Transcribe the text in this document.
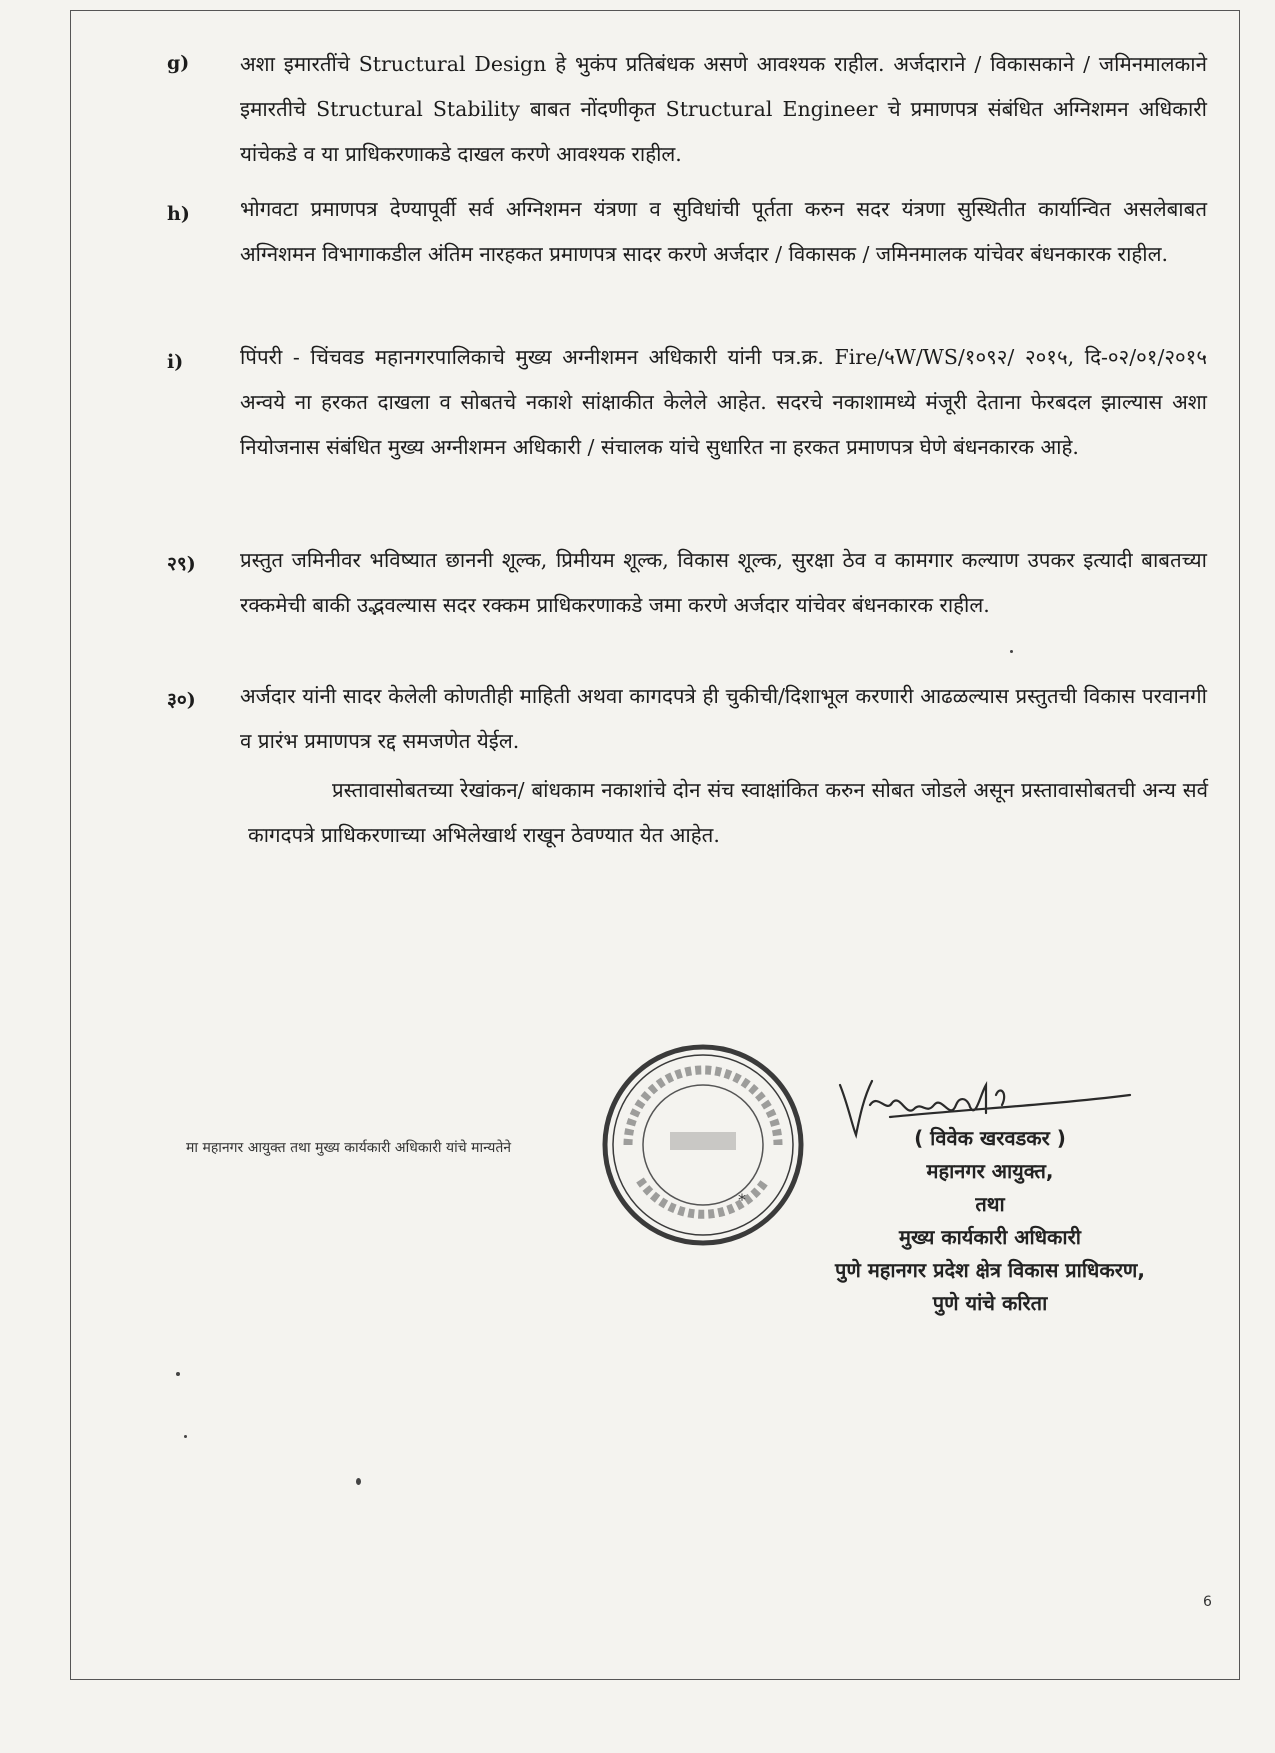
g)	अशा इमारतींचे Structural Design हे भुकंप प्रतिबंधक असणे आवश्यक राहील. अर्जदाराने / विकासकाने / जमिनमालकाने इमारतीचे Structural Stability बाबत नोंदणीकृत Structural Engineer चे प्रमाणपत्र संबंधित अग्निशमन अधिकारी यांचेकडे व या प्राधिकरणाकडे दाखल करणे आवश्यक राहील.
h)	भोगवटा प्रमाणपत्र देण्यापूर्वी सर्व अग्निशमन यंत्रणा व सुविधांची पूर्तता करुन सदर यंत्रणा सुस्थितीत कार्यान्वित असलेबाबत अग्निशमन विभागाकडील अंतिम नारहकत प्रमाणपत्र सादर करणे अर्जदार / विकासक / जमिनमालक यांचेवर बंधनकारक राहील.
i)	पिंपरी - चिंचवड महानगरपालिकाचे मुख्य अग्नीशमन अधिकारी यांनी पत्र.क्र. Fire/५W/WS/१०९२/ २०१५, दि-०२/०१/२०१५ अन्वये ना हरकत दाखला व सोबतचे नकाशे सांक्षाकीत केलेले आहेत. सदरचे नकाशामध्ये मंजूरी देताना फेरबदल झाल्यास अशा नियोजनास संबंधित मुख्य अग्नीशमन अधिकारी / संचालक यांचे सुधारित ना हरकत प्रमाणपत्र घेणे बंधनकारक आहे.
२९)	प्रस्तुत जमिनीवर भविष्यात छाननी शूल्क, प्रिमीयम शूल्क, विकास शूल्क, सुरक्षा ठेव व कामगार कल्याण उपकर इत्यादी बाबतच्या रक्कमेची बाकी उद्भवल्यास सदर रक्कम प्राधिकरणाकडे जमा करणे अर्जदार यांचेवर बंधनकारक राहील.
३०)	अर्जदार यांनी सादर केलेली कोणतीही माहिती अथवा कागदपत्रे ही चुकीची/दिशाभूल करणारी आढळल्यास प्रस्तुतची विकास परवानगी व प्रारंभ प्रमाणपत्र रद्द समजणेत येईल.
प्रस्तावासोबतच्या रेखांकन/ बांधकाम नकाशांचे दोन संच स्वाक्षांकित करुन सोबत जोडले असून प्रस्तावासोबतची अन्य सर्व कागदपत्रे प्राधिकरणाच्या अभिलेखार्थ राखून ठेवण्यात येत आहेत.
मा महानगर आयुक्त तथा मुख्य कार्यकारी अधिकारी यांचे मान्यतेने
*
( विवेक खरवडकर )
महानगर आयुक्त,
तथा
मुख्य कार्यकारी अधिकारी
पुणे महानगर प्रदेश क्षेत्र विकास प्राधिकरण,
पुणे यांचे करिता
6
